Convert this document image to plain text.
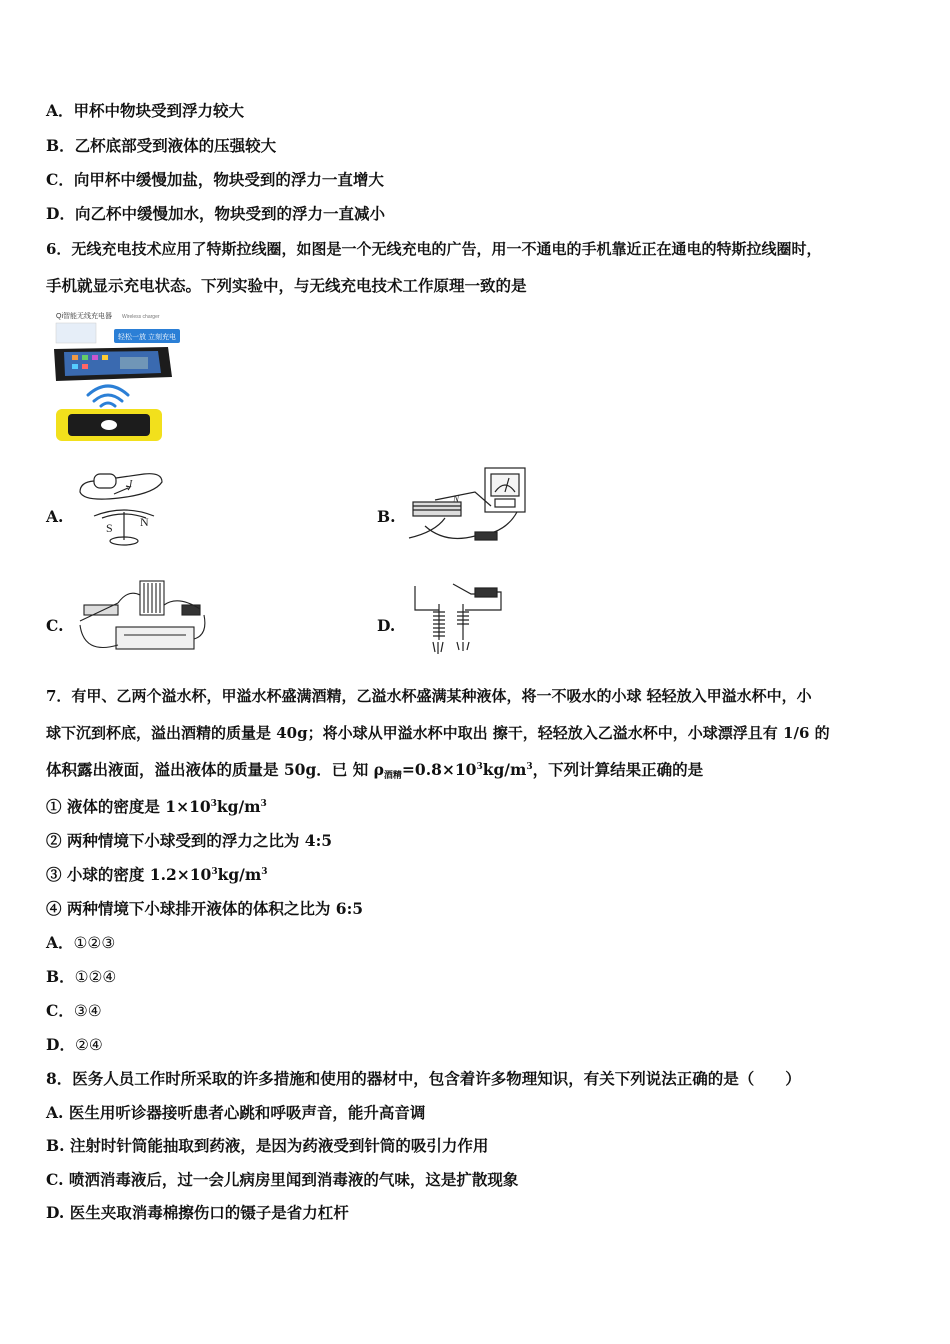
A．甲杯中物块受到浮力较大
B．乙杯底部受到液体的压强较大
C．向甲杯中缓慢加盐，物块受到的浮力一直增大
D．向乙杯中缓慢加水，物块受到的浮力一直减小
6．无线充电技术应用了特斯拉线圈，如图是一个无线充电的广告，用一不通电的手机靠近正在通电的特斯拉线圈时，
手机就显示充电状态。下列实验中，与无线充电技术工作原理一致的是
Qi智能无线充电器 Wireless charger
轻松一放 立刻充电
A.
I
S N	B.
N
C.	D.
7．有甲、乙两个溢水杯，甲溢水杯盛满酒精，乙溢水杯盛满某种液体，将一不吸水的小球 轻轻放入甲溢水杯中，小
球下沉到杯底，溢出酒精的质量是 40g；将小球从甲溢水杯中取出 擦干，轻轻放入乙溢水杯中，小球漂浮且有 1/6 的
体积露出液面，溢出液体的质量是 50g．已 知 $\rho_{酒精}=0.8\times 10^3kg/m^3$，下列计算结果正确的是
① 液体的密度是 $1\times 10^3kg/m^3$
② 两种情境下小球受到的浮力之比为 4:5
③ 小球的密度 $1.2\times 10^3kg/m^3$
④ 两种情境下小球排开液体的体积之比为 6:5
A．①②③
B．①②④
C．③④
D．②④
8．医务人员工作时所采取的许多措施和使用的器材中，包含着许多物理知识，有关下列说法正确的是（　　）
A. 医生用听诊器接听患者心跳和呼吸声音，能升高音调
B. 注射时针筒能抽取到药液，是因为药液受到针筒的吸引力作用
C. 喷洒消毒液后，过一会儿病房里闻到消毒液的气味，这是扩散现象
D. 医生夹取消毒棉擦伤口的镊子是省力杠杆
